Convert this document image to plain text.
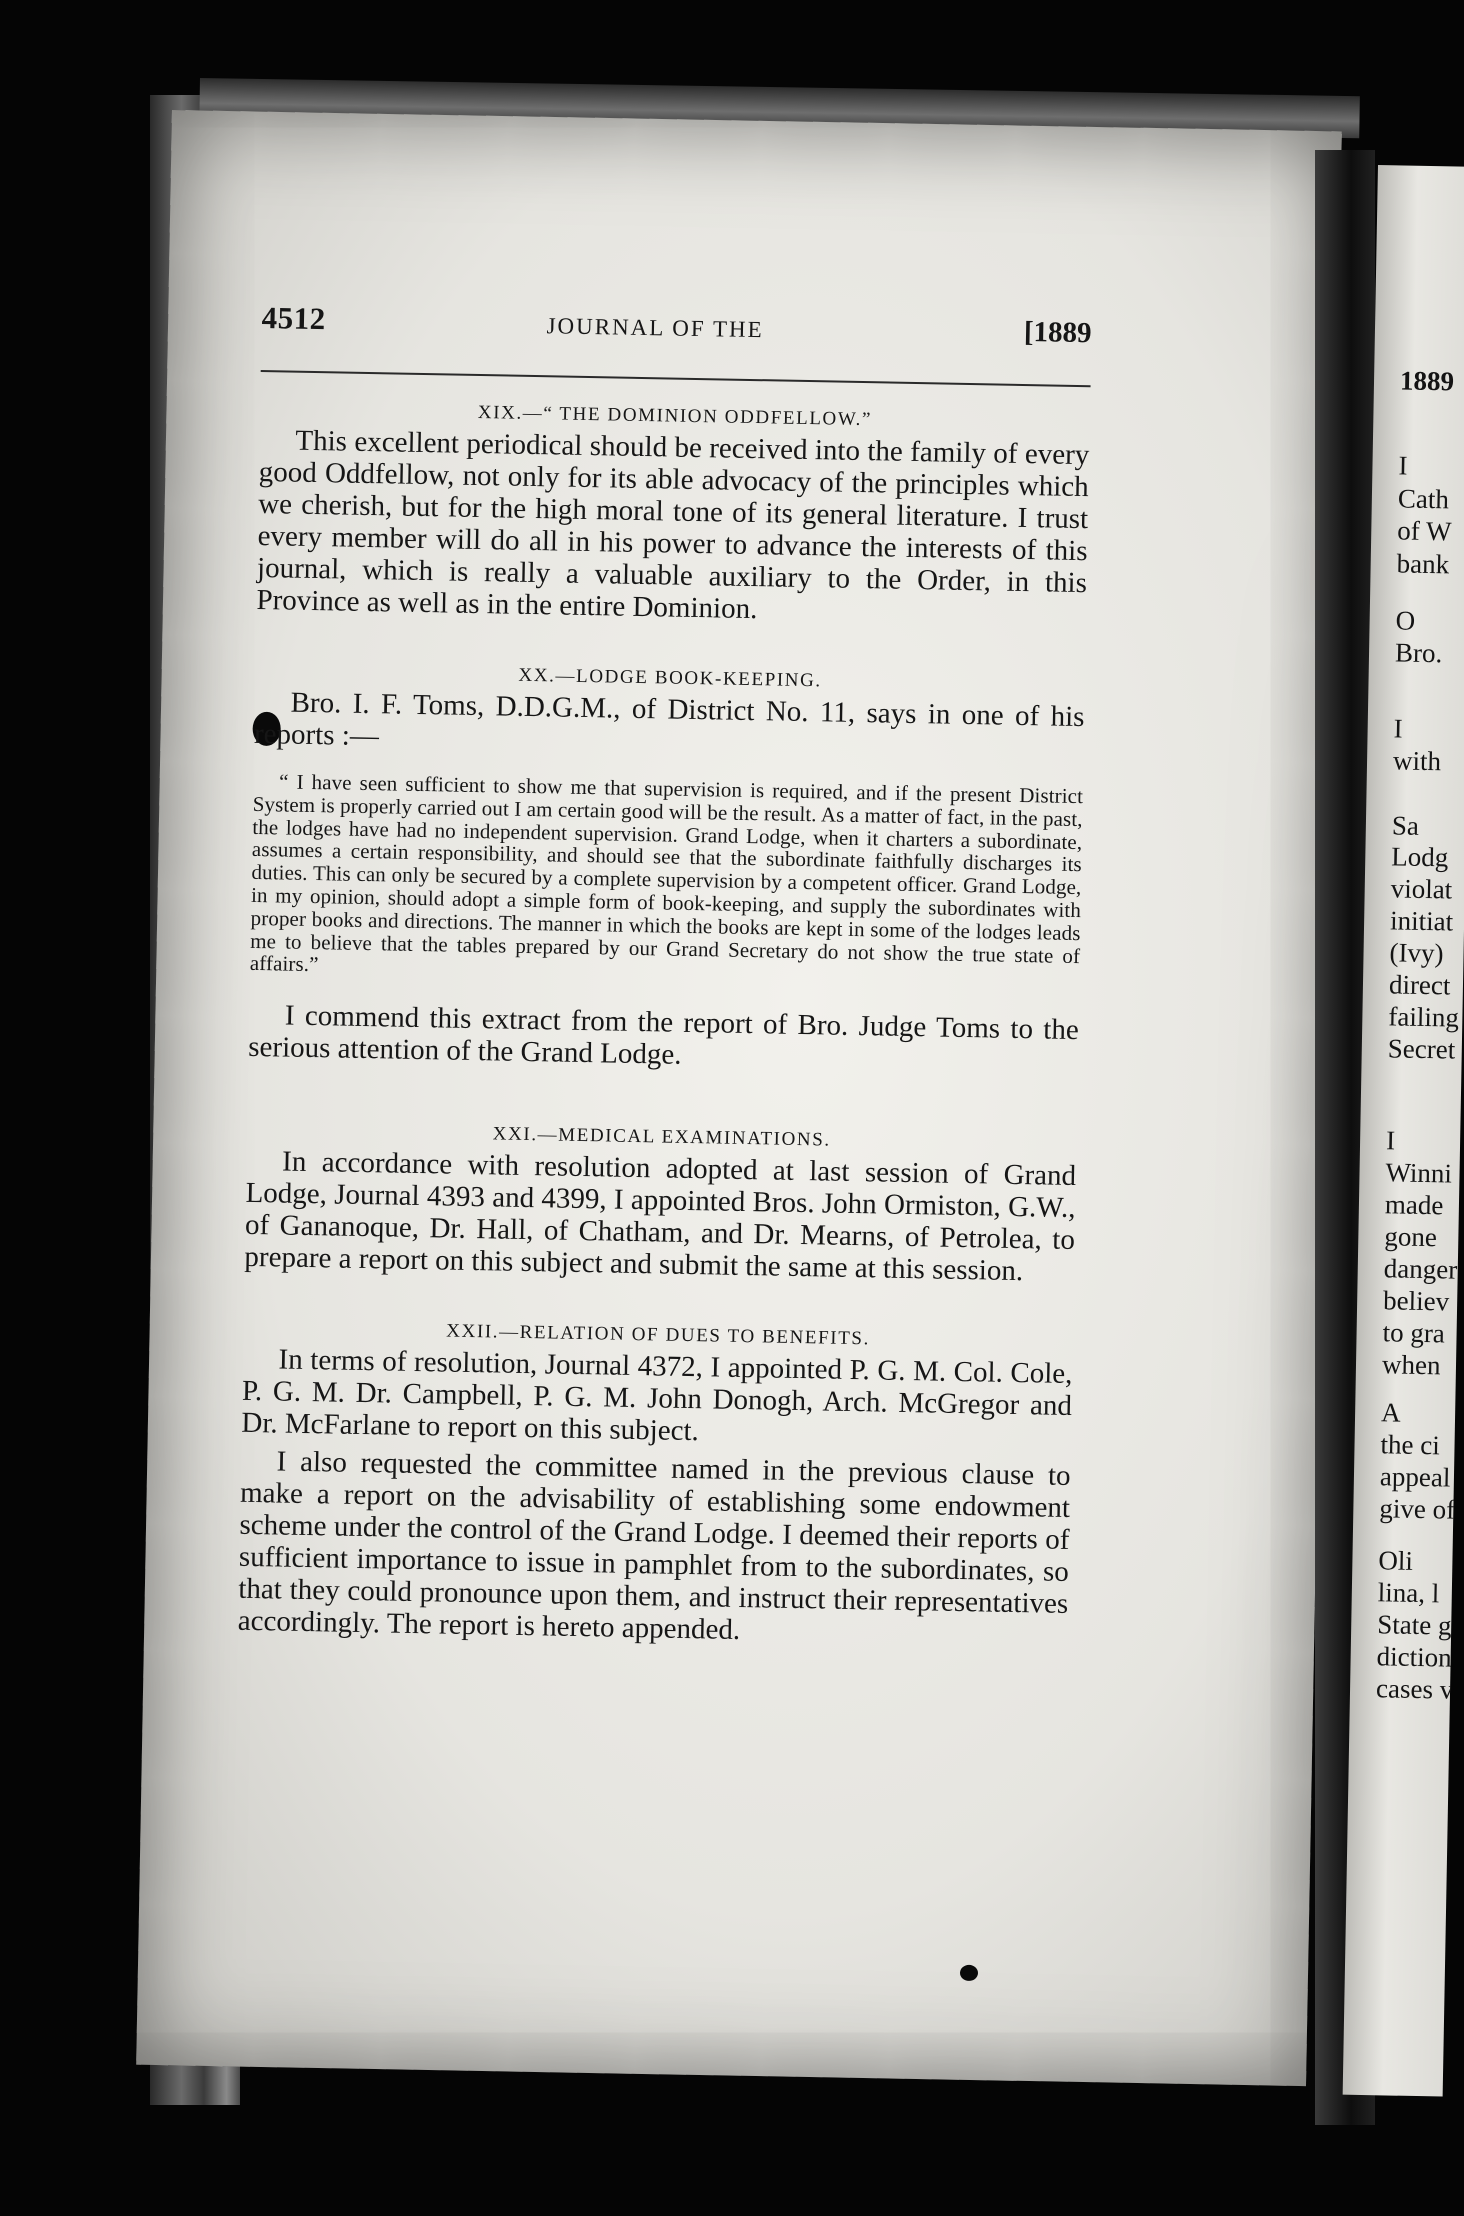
1889
I
Cath
of W
bank
O
Bro.
I
with
Sa
Lodg
violat
initiat
(Ivy)
direct
failing
Secret
I
Winni
made
gone
danger
believ
to gra
when
A
the ci
appeal
give of
Oli
lina, l
State g
diction
cases v
4512	JOURNAL OF THE	[1889
XIX.—“ THE DOMINION ODDFELLOW.”

This excellent periodical should be received into the family of every good Oddfellow, not only for its able advocacy of the principles which we cherish, but for the high moral tone of its general literature. I trust every member will do all in his power to advance the interests of this journal, which is really a valuable auxiliary to the Order, in this Province as well as in the entire Dominion.

XX.—LODGE BOOK-KEEPING.

Bro. I. F. Toms, D.D.G.M., of District No. 11, says in one of his reports :—

“ I have seen sufficient to show me that supervision is required, and if the present District System is properly carried out I am certain good will be the result. As a matter of fact, in the past, the lodges have had no independent supervision. Grand Lodge, when it charters a subordinate, assumes a certain responsibility, and should see that the subordinate faithfully discharges its duties. This can only be secured by a complete supervision by a competent officer. Grand Lodge, in my opinion, should adopt a simple form of book-keeping, and supply the subordinates with proper books and directions. The manner in which the books are kept in some of the lodges leads me to believe that the tables prepared by our Grand Secretary do not show the true state of affairs.”

I commend this extract from the report of Bro. Judge Toms to the serious attention of the Grand Lodge.

XXI.—MEDICAL EXAMINATIONS.

In accordance with resolution adopted at last session of Grand Lodge, Journal 4393 and 4399, I appointed Bros. John Ormiston, G.W., of Gananoque, Dr. Hall, of Chatham, and Dr. Mearns, of Petrolea, to prepare a report on this subject and submit the same at this session.

XXII.—RELATION OF DUES TO BENEFITS.

In terms of resolution, Journal 4372, I appointed P. G. M. Col. Cole, P. G. M. Dr. Campbell, P. G. M. John Donogh, Arch. McGregor and Dr. McFarlane to report on this subject.

I also requested the committee named in the previous clause to make a report on the advisability of establishing some endowment scheme under the control of the Grand Lodge. I deemed their reports of sufficient importance to issue in pamphlet from to the subordinates, so that they could pronounce upon them, and instruct their representatives accordingly. The report is hereto appended.
